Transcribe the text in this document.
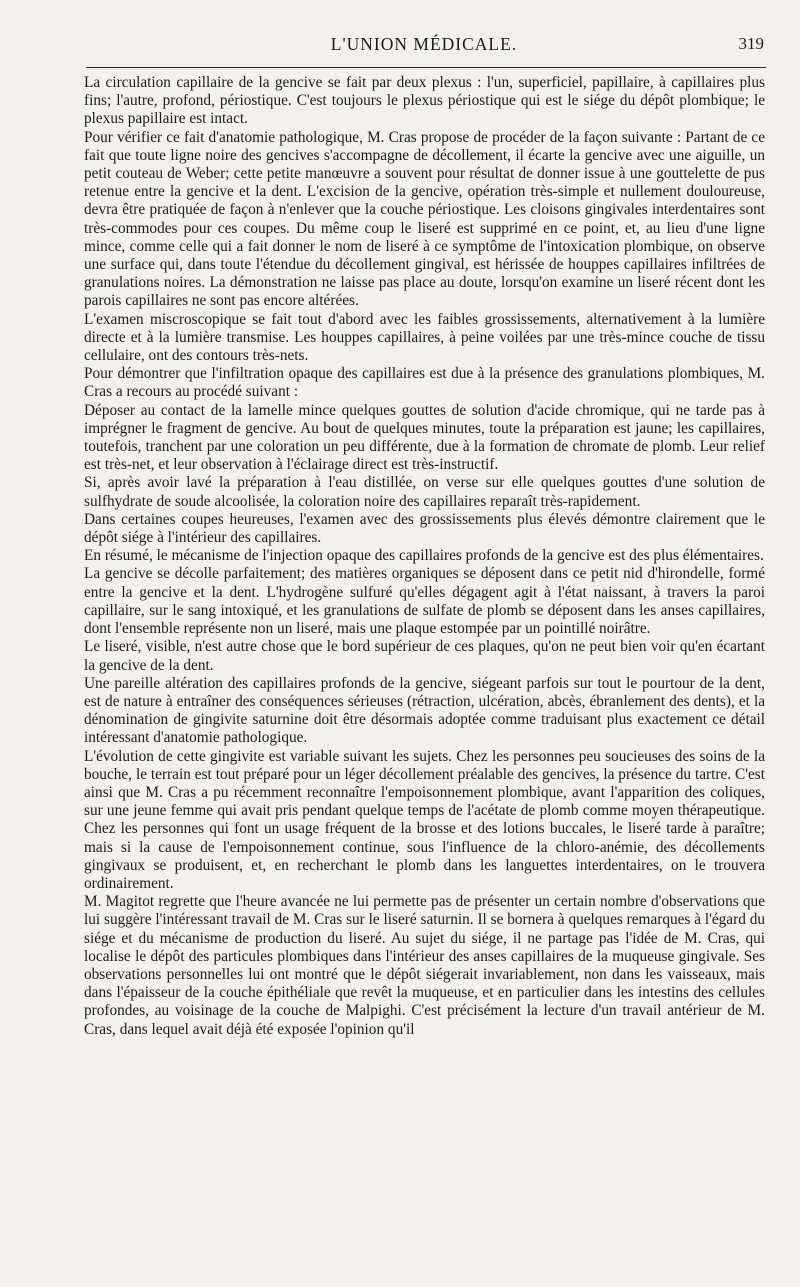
L'UNION MÉDICALE.	319

La circulation capillaire de la gencive se fait par deux plexus : l'un, superficiel, papillaire, à capillaires plus fins; l'autre, profond, périostique. C'est toujours le plexus périostique qui est le siége du dépôt plombique; le plexus papillaire est intact.

Pour vérifier ce fait d'anatomie pathologique, M. Cras propose de procéder de la façon suivante : Partant de ce fait que toute ligne noire des gencives s'accompagne de décollement, il écarte la gencive avec une aiguille, un petit couteau de Weber; cette petite manœuvre a souvent pour résultat de donner issue à une gouttelette de pus retenue entre la gencive et la dent. L'excision de la gencive, opération très-simple et nullement douloureuse, devra être pratiquée de façon à n'enlever que la couche périostique. Les cloisons gingivales interdentaires sont très-commodes pour ces coupes. Du même coup le liseré est supprimé en ce point, et, au lieu d'une ligne mince, comme celle qui a fait donner le nom de liseré à ce symptôme de l'intoxication plombique, on observe une surface qui, dans toute l'étendue du décollement gingival, est hérissée de houppes capillaires infiltrées de granulations noires. La démonstration ne laisse pas place au doute, lorsqu'on examine un liseré récent dont les parois capillaires ne sont pas encore altérées.

L'examen miscroscopique se fait tout d'abord avec les faibles grossissements, alternativement à la lumière directe et à la lumière transmise. Les houppes capillaires, à peine voilées par une très-mince couche de tissu cellulaire, ont des contours très-nets.

Pour démontrer que l'infiltration opaque des capillaires est due à la présence des granulations plombiques, M. Cras a recours au procédé suivant :

Déposer au contact de la lamelle mince quelques gouttes de solution d'acide chromique, qui ne tarde pas à imprégner le fragment de gencive. Au bout de quelques minutes, toute la préparation est jaune; les capillaires, toutefois, tranchent par une coloration un peu différente, due à la formation de chromate de plomb. Leur relief est très-net, et leur observation à l'éclairage direct est très-instructif.

Si, après avoir lavé la préparation à l'eau distillée, on verse sur elle quelques gouttes d'une solution de sulfhydrate de soude alcoolisée, la coloration noire des capillaires reparaît très-rapidement.

Dans certaines coupes heureuses, l'examen avec des grossissements plus élevés démontre clairement que le dépôt siége à l'intérieur des capillaires.

En résumé, le mécanisme de l'injection opaque des capillaires profonds de la gencive est des plus élémentaires.

La gencive se décolle parfaitement; des matières organiques se déposent dans ce petit nid d'hirondelle, formé entre la gencive et la dent. L'hydrogène sulfuré qu'elles dégagent agit à l'état naissant, à travers la paroi capillaire, sur le sang intoxiqué, et les granulations de sulfate de plomb se déposent dans les anses capillaires, dont l'ensemble représente non un liseré, mais une plaque estompée par un pointillé noirâtre.

Le liseré, visible, n'est autre chose que le bord supérieur de ces plaques, qu'on ne peut bien voir qu'en écartant la gencive de la dent.

Une pareille altération des capillaires profonds de la gencive, siégeant parfois sur tout le pourtour de la dent, est de nature à entraîner des conséquences sérieuses (rétraction, ulcération, abcès, ébranlement des dents), et la dénomination de gingivite saturnine doit être désormais adoptée comme traduisant plus exactement ce détail intéressant d'anatomie pathologique.

L'évolution de cette gingivite est variable suivant les sujets. Chez les personnes peu soucieuses des soins de la bouche, le terrain est tout préparé pour un léger décollement préalable des gencives, la présence du tartre. C'est ainsi que M. Cras a pu récemment reconnaître l'empoisonnement plombique, avant l'apparition des coliques, sur une jeune femme qui avait pris pendant quelque temps de l'acétate de plomb comme moyen thérapeutique. Chez les personnes qui font un usage fréquent de la brosse et des lotions buccales, le liseré tarde à paraître; mais si la cause de l'empoisonnement continue, sous l'influence de la chloro-anémie, des décollements gingivaux se produisent, et, en recherchant le plomb dans les languettes interdentaires, on le trouvera ordinairement.

M. Magitot regrette que l'heure avancée ne lui permette pas de présenter un certain nombre d'observations que lui suggère l'intéressant travail de M. Cras sur le liseré saturnin. Il se bornera à quelques remarques à l'égard du siége et du mécanisme de production du liseré. Au sujet du siége, il ne partage pas l'idée de M. Cras, qui localise le dépôt des particules plombiques dans l'intérieur des anses capillaires de la muqueuse gingivale. Ses observations personnelles lui ont montré que le dépôt siégerait invariablement, non dans les vaisseaux, mais dans l'épaisseur de la couche épithéliale que revêt la muqueuse, et en particulier dans les intestins des cellules profondes, au voisinage de la couche de Malpighi. C'est précisément la lecture d'un travail antérieur de M. Cras, dans lequel avait déjà été exposée l'opinion qu'il
